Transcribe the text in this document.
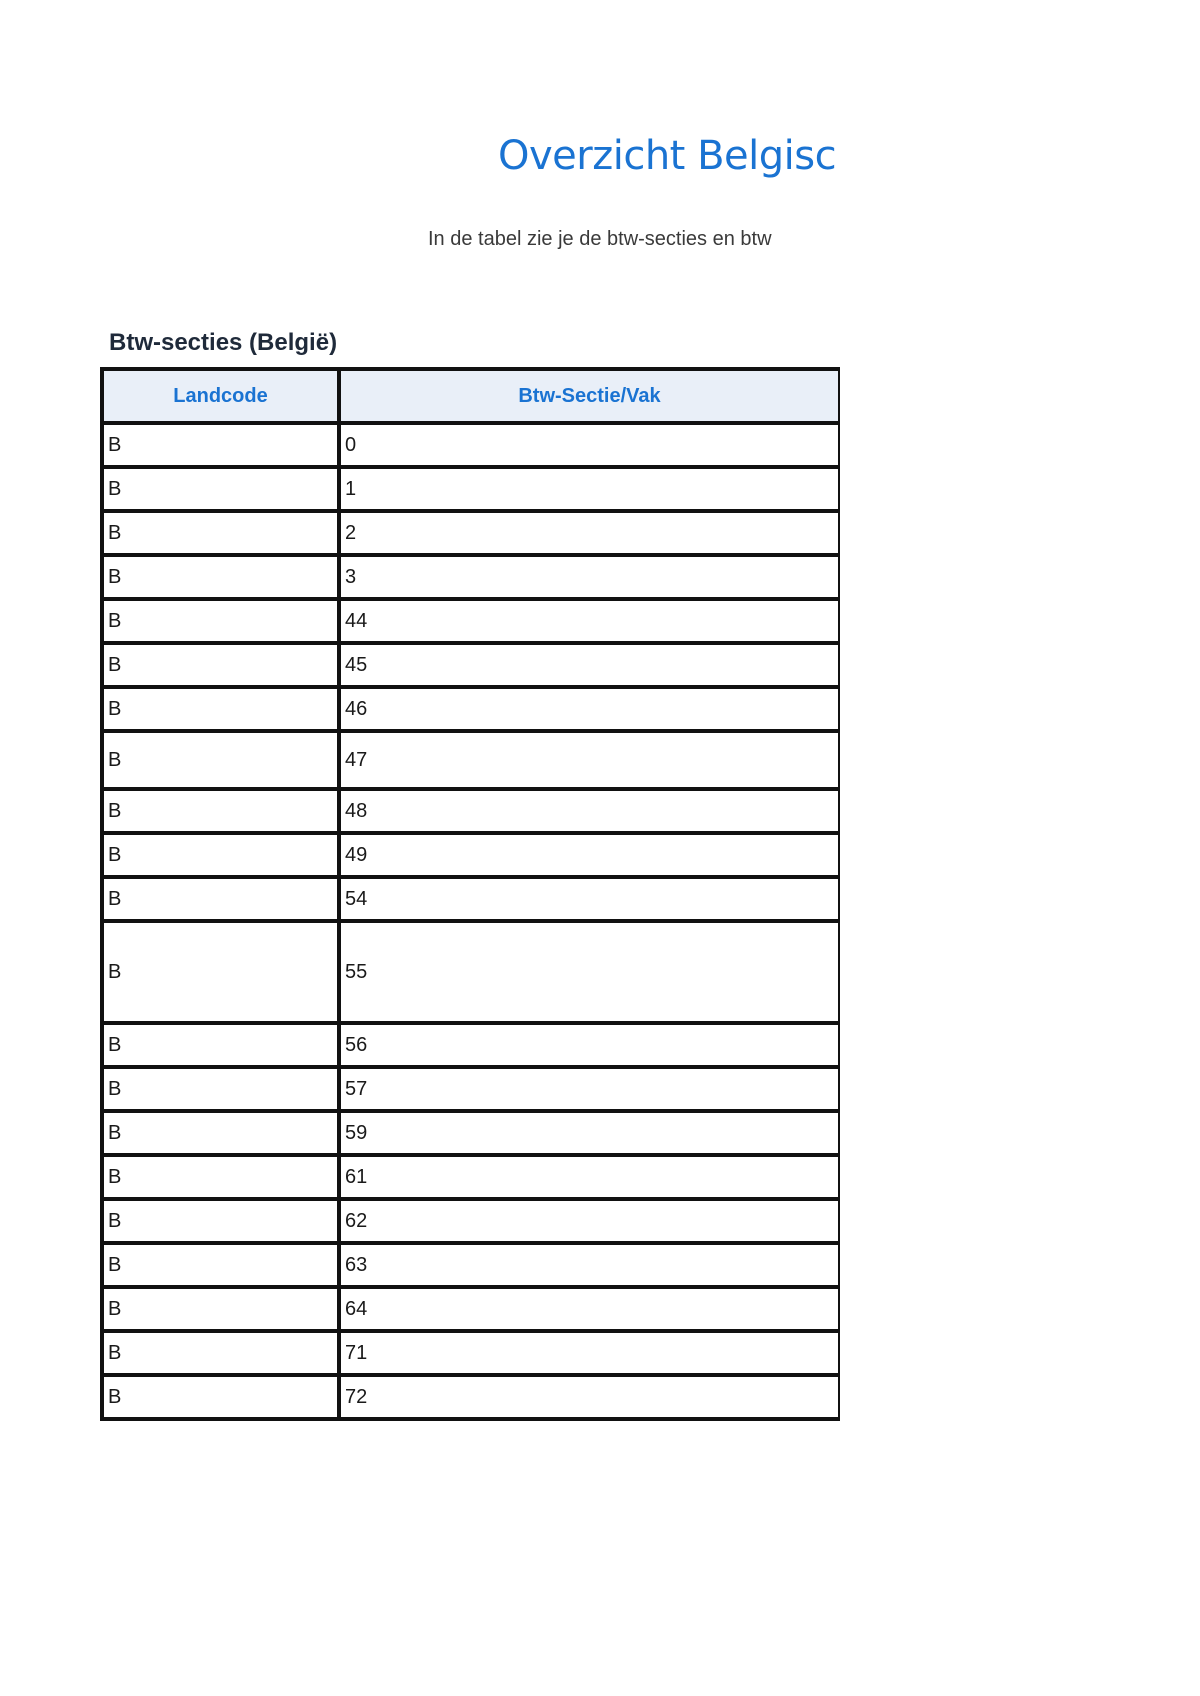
Overzicht Belgisc

In de tabel zie je de btw-secties en btw

Btw-secties (België)
Landcode	Btw-Sectie/Vak
B	0
B	1
B	2
B	3
B	44
B	45
B	46
B	47
B	48
B	49
B	54
B	55
B	56
B	57
B	59
B	61
B	62
B	63
B	64
B	71
B	72
